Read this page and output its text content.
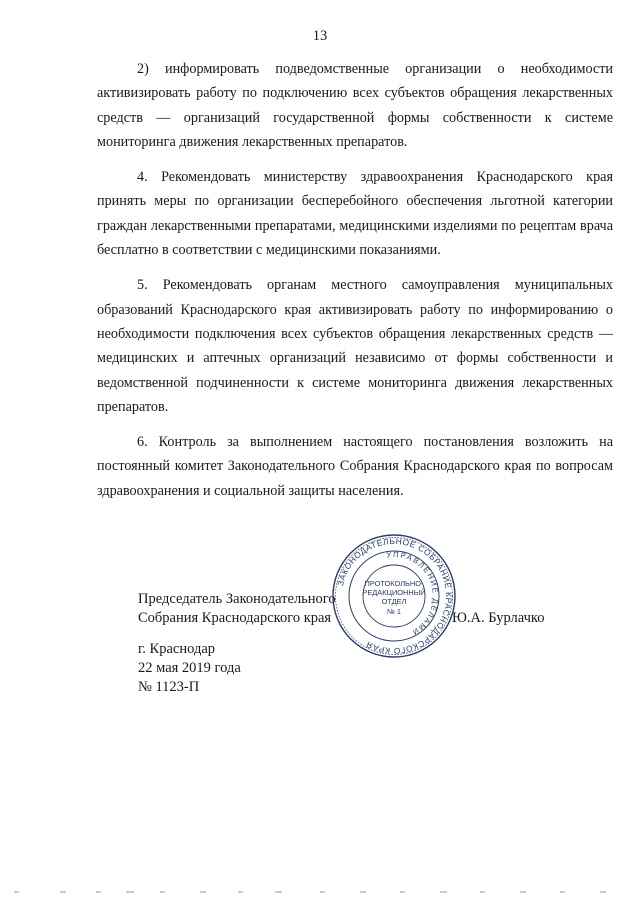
13

2) информировать подведомственные организации о необходимости активизировать работу по подключению всех субъектов обращения лекарственных средств — организаций государственной формы собственности к системе мониторинга движения лекарственных препаратов.

4. Рекомендовать министерству здравоохранения Краснодарского края принять меры по организации бесперебойного обеспечения льготной категории граждан лекарственными препаратами, медицинскими изделиями по рецептам врача бесплатно в соответствии с медицинскими показаниями.

5. Рекомендовать органам местного самоуправления муниципальных образований Краснодарского края активизировать работу по информированию о необходимости подключения всех субъектов обращения лекарственных средств — медицинских и аптечных организаций независимо от формы собственности и ведомственной подчиненности к системе мониторинга движения лекарственных препаратов.

6. Контроль за выполнением настоящего постановления возложить на постоянный комитет Законодательного Собрания Краснодарского края по вопросам здравоохранения и социальной защиты населения.

Председатель Законодательного
Собрания Краснодарского края	Ю.А. Бурлачко
г. Краснодар
22 мая 2019 года
№ 1123-П
ЗАКОНОДАТЕЛЬНОЕ СОБРАНИЕ КРАСНОДАРСКОГО КРАЯ
УПРАВЛЕНИЕ ДЕЛАМИ
ПРОТОКОЛЬНО-
РЕДАКЦИОННЫЙ
ОТДЕЛ
№ 1
